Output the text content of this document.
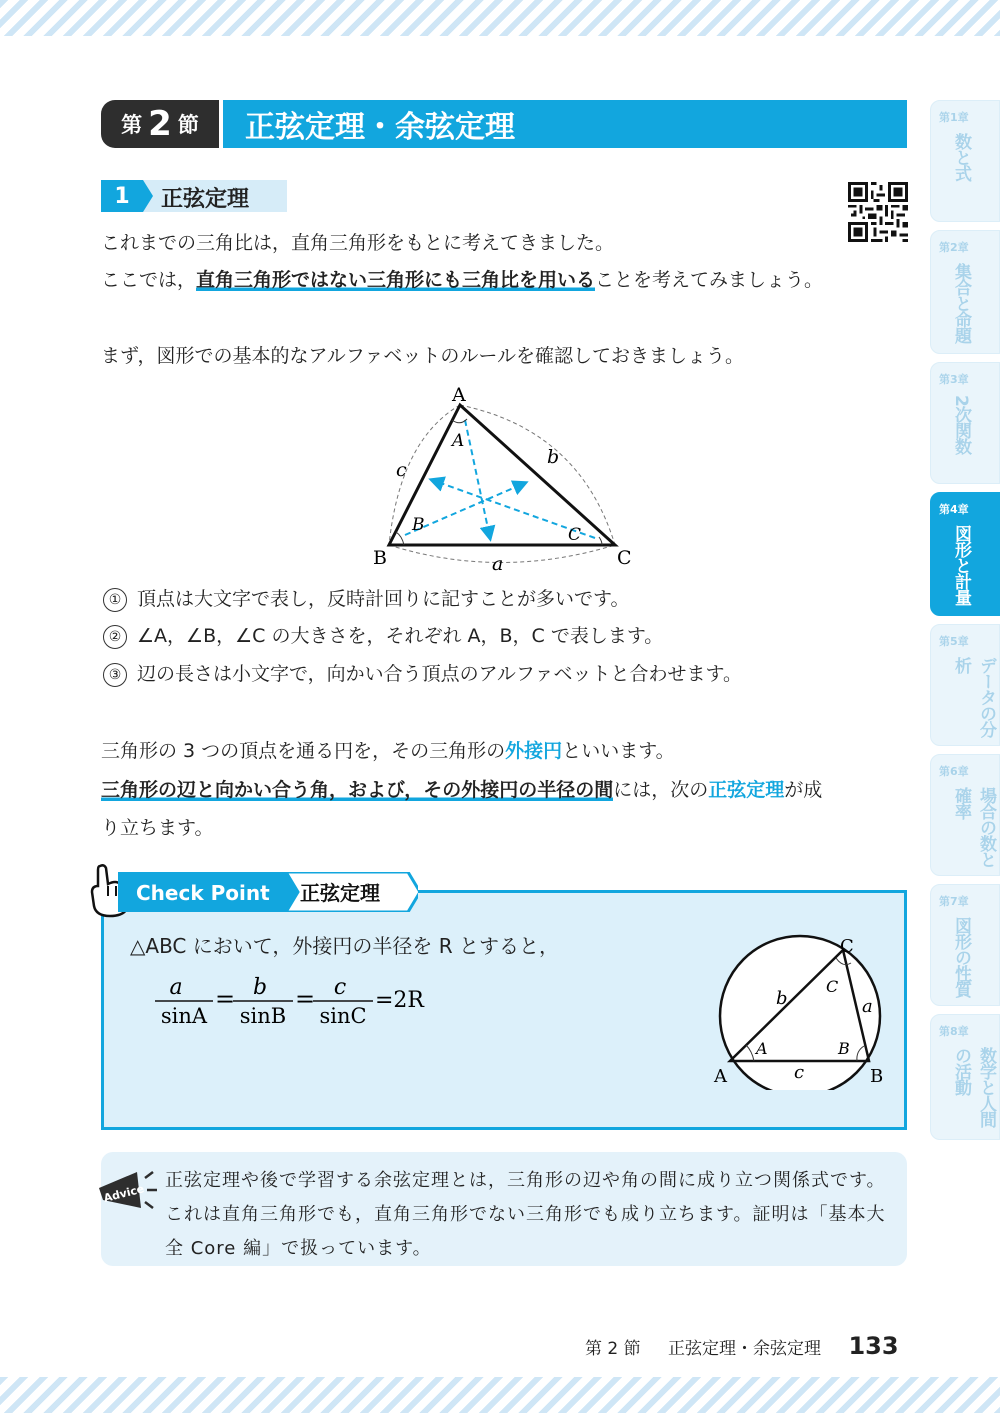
第 2 節	正弦定理・余弦定理	第1章
数と式
第2章
集合と命題
第3章
2次関数
第4章
図形と計量
第5章
データの分析
第6章
場合の数と確率
第7章
図形の性質
第8章
数学と人間の活動
1	正弦定理
これまでの三角比は，直角三角形をもとに考えてきました。
ここでは，直角三角形ではない三角形にも三角比を用いることを考えてみましょう。
まず，図形での基本的なアルファベットのルールを確認しておきましょう。
A
B	C
A
B	C
a
b
c
① 頂点は大文字で表し，反時計回りに記すことが多いです。
② ∠A，∠B，∠C の大きさを，それぞれ A，B，C で表します。
③ 辺の長さは小文字で，向かい合う頂点のアルファベットと合わせます。
三角形の 3 つの頂点を通る円を，その三角形の外接円といいます。
三角形の辺と向かい合う角，および，その外接円の半径の間には，次の正弦定理が成
り立ちます。
Check Point 正弦定理
△ABC において，外接円の半径を R とすると，
a
sinA
= b
sinB
= c
sinC
=2R
C
A	B
A	B
C
a
b
c
Advice
正弦定理や後で学習する余弦定理とは，三角形の辺や角の間に成り立つ関係式です。これは直角三角形でも，直角三角形でない三角形でも成り立ちます。証明は「基本大全 Core 編」で扱っています。
第 2 節 正弦定理・余弦定理 133
